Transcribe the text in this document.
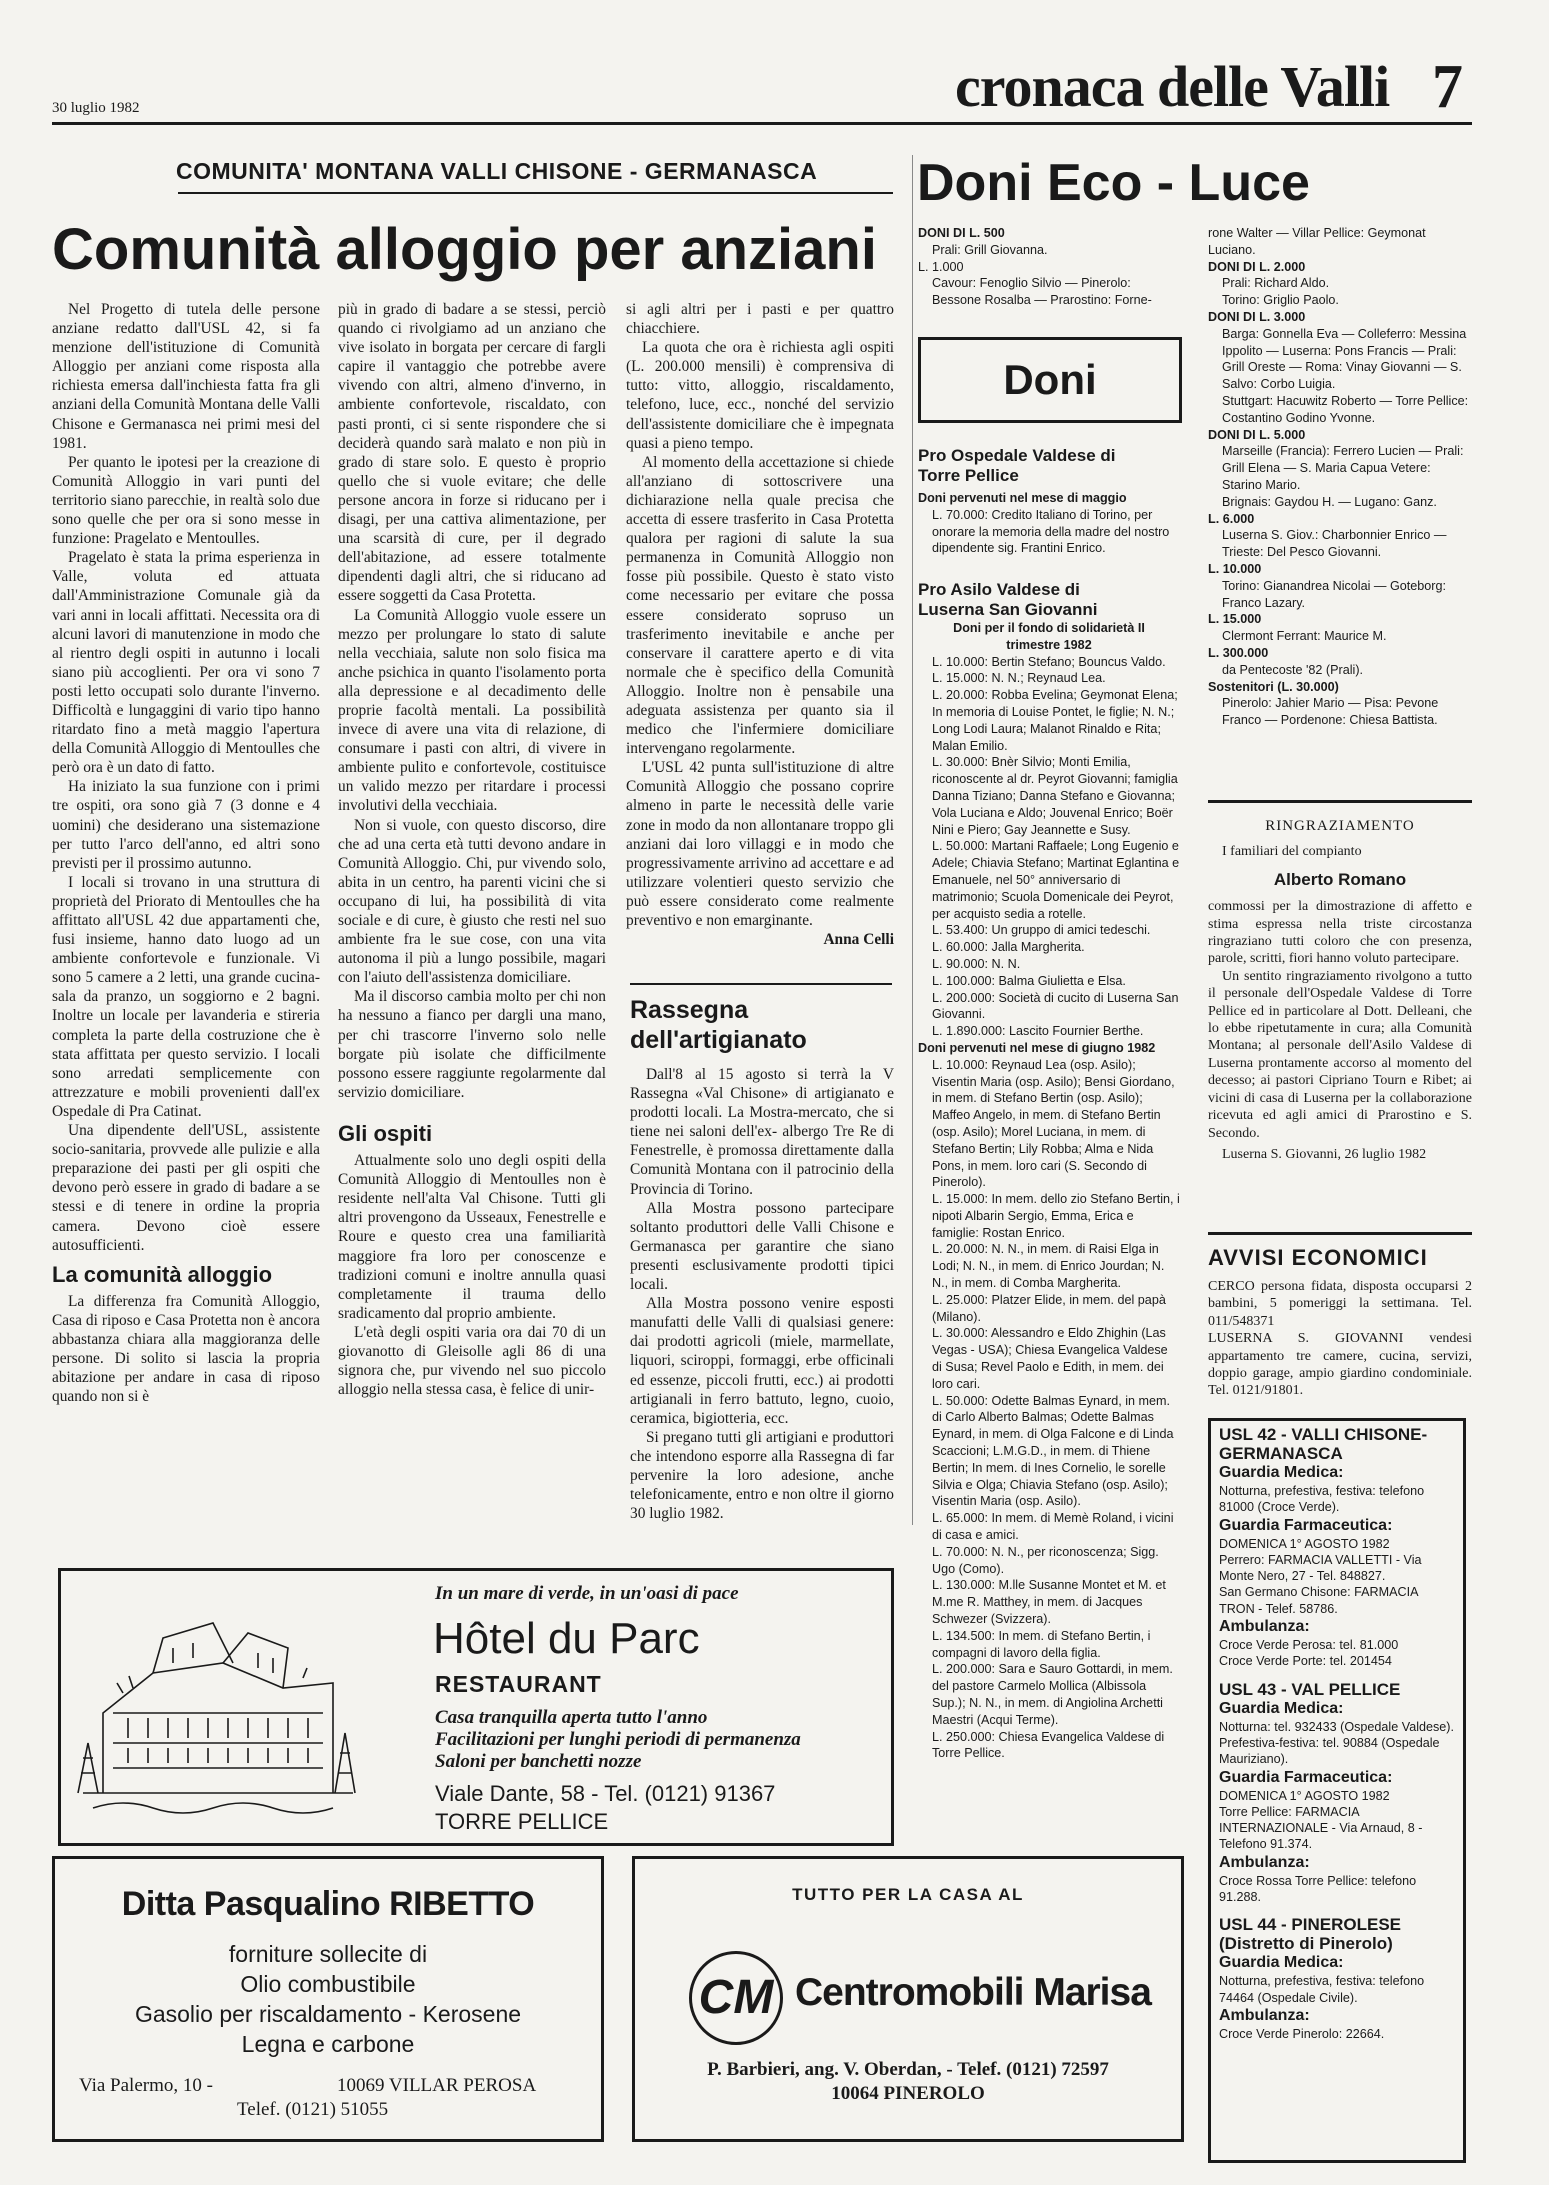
30 luglio 1982	cronaca delle Valli 7
COMUNITA' MONTANA VALLI CHISONE - GERMANASCA
Comunità alloggio per anziani

Nel Progetto di tutela delle persone anziane redatto dall'USL 42, si fa menzione dell'istituzione di Comunità Alloggio per anziani come risposta alla richiesta emersa dall'inchiesta fatta fra gli anziani della Comunità Montana delle Valli Chisone e Germanasca nei primi mesi del 1981.

Per quanto le ipotesi per la creazione di Comunità Alloggio in vari punti del territorio siano parecchie, in realtà solo due sono quelle che per ora si sono messe in funzione: Pragelato e Mentoulles.

Pragelato è stata la prima esperienza in Valle, voluta ed attuata dall'Amministrazione Comunale già da vari anni in locali affittati. Necessita ora di alcuni lavori di manutenzione in modo che al rientro degli ospiti in autunno i locali siano più accoglienti. Per ora vi sono 7 posti letto occupati solo durante l'inverno. Difficoltà e lungaggini di vario tipo hanno ritardato fino a metà maggio l'apertura della Comunità Alloggio di Mentoulles che però ora è un dato di fatto.

Ha iniziato la sua funzione con i primi tre ospiti, ora sono già 7 (3 donne e 4 uomini) che desiderano una sistemazione per tutto l'arco dell'anno, ed altri sono previsti per il prossimo autunno.

I locali si trovano in una struttura di proprietà del Priorato di Mentoulles che ha affittato all'USL 42 due appartamenti che, fusi insieme, hanno dato luogo ad un ambiente confortevole e funzionale. Vi sono 5 camere a 2 letti, una grande cucina-sala da pranzo, un soggiorno e 2 bagni. Inoltre un locale per lavanderia e stireria completa la parte della costruzione che è stata affittata per questo servizio. I locali sono arredati semplicemente con attrezzature e mobili provenienti dall'ex Ospedale di Pra Catinat.

Una dipendente dell'USL, assistente socio-sanitaria, provvede alle pulizie e alla preparazione dei pasti per gli ospiti che devono però essere in grado di badare a se stessi e di tenere in ordine la propria camera. Devono cioè essere autosufficienti.

La comunità alloggio

La differenza fra Comunità Alloggio, Casa di riposo e Casa Protetta non è ancora abbastanza chiara alla maggioranza delle persone. Di solito si lascia la propria abitazione per andare in casa di riposo quando non si è

più in grado di badare a se stessi, perciò quando ci rivolgiamo ad un anziano che vive isolato in borgata per cercare di fargli capire il vantaggio che potrebbe avere vivendo con altri, almeno d'inverno, in ambiente confortevole, riscaldato, con pasti pronti, ci si sente rispondere che si deciderà quando sarà malato e non più in grado di stare solo. E questo è proprio quello che si vuole evitare; che delle persone ancora in forze si riducano per i disagi, per una cattiva alimentazione, per una scarsità di cure, per il degrado dell'abitazione, ad essere totalmente dipendenti dagli altri, che si riducano ad essere soggetti da Casa Protetta.

La Comunità Alloggio vuole essere un mezzo per prolungare lo stato di salute nella vecchiaia, salute non solo fisica ma anche psichica in quanto l'isolamento porta alla depressione e al decadimento delle proprie facoltà mentali. La possibilità invece di avere una vita di relazione, di consumare i pasti con altri, di vivere in ambiente pulito e confortevole, costituisce un valido mezzo per ritardare i processi involutivi della vecchiaia.

Non si vuole, con questo discorso, dire che ad una certa età tutti devono andare in Comunità Alloggio. Chi, pur vivendo solo, abita in un centro, ha parenti vicini che si occupano di lui, ha possibilità di vita sociale e di cure, è giusto che resti nel suo ambiente fra le sue cose, con una vita autonoma il più a lungo possibile, magari con l'aiuto dell'assistenza domiciliare.

Ma il discorso cambia molto per chi non ha nessuno a fianco per dargli una mano, per chi trascorre l'inverno solo nelle borgate più isolate che difficilmente possono essere raggiunte regolarmente dal servizio domiciliare.

Gli ospiti

Attualmente solo uno degli ospiti della Comunità Alloggio di Mentoulles non è residente nell'alta Val Chisone. Tutti gli altri provengono da Usseaux, Fenestrelle e Roure e questo crea una familiarità maggiore fra loro per conoscenze e tradizioni comuni e inoltre annulla quasi completamente il trauma dello sradicamento dal proprio ambiente.

L'età degli ospiti varia ora dai 70 di un giovanotto di Gleisolle agli 86 di una signora che, pur vivendo nel suo piccolo alloggio nella stessa casa, è felice di unir-

si agli altri per i pasti e per quattro chiacchiere.

La quota che ora è richiesta agli ospiti (L. 200.000 mensili) è comprensiva di tutto: vitto, alloggio, riscaldamento, telefono, luce, ecc., nonché del servizio dell'assistente domiciliare che è impegnata quasi a pieno tempo.

Al momento della accettazione si chiede all'anziano di sottoscrivere una dichiarazione nella quale precisa che accetta di essere trasferito in Casa Protetta qualora per ragioni di salute la sua permanenza in Comunità Alloggio non fosse più possibile. Questo è stato visto come necessario per evitare che possa essere considerato sopruso un trasferimento inevitabile e anche per conservare il carattere aperto e di vita normale che è specifico della Comunità Alloggio. Inoltre non è pensabile una adeguata assistenza per quanto sia il medico che l'infermiere domiciliare intervengano regolarmente.

L'USL 42 punta sull'istituzione di altre Comunità Alloggio che possano coprire almeno in parte le necessità delle varie zone in modo da non allontanare troppo gli anziani dai loro villaggi e in modo che progressivamente arrivino ad accettare e ad utilizzare volentieri questo servizio che può essere considerato come realmente preventivo e non emarginante.

Anna Celli
Rassegna dell'artigianato

Dall'8 al 15 agosto si terrà la V Rassegna «Val Chisone» di artigianato e prodotti locali. La Mostra-mercato, che si tiene nei saloni dell'ex- albergo Tre Re di Fenestrelle, è promossa direttamente dalla Comunità Montana con il patrocinio della Provincia di Torino.

Alla Mostra possono partecipare soltanto produttori delle Valli Chisone e Germanasca per garantire che siano presenti esclusivamente prodotti tipici locali.

Alla Mostra possono venire esposti manufatti delle Valli di qualsiasi genere: dai prodotti agricoli (miele, marmellate, liquori, sciroppi, formaggi, erbe officinali ed essenze, piccoli frutti, ecc.) ai prodotti artigianali in ferro battuto, legno, cuoio, ceramica, bigiotteria, ecc.

Si pregano tutti gli artigiani e produttori che intendono esporre alla Rassegna di far pervenire la loro adesione, anche telefonicamente, entro e non oltre il giorno 30 luglio 1982.

Doni Eco - Luce
DONI DI L. 500
Prali: Grill Giovanna.
L. 1.000
Cavour: Fenoglio Silvio — Pinerolo: Bessone Rosalba — Prarostino: Forne-
Doni
Pro Ospedale Valdese di Torre Pellice
Doni pervenuti nel mese di maggio
L. 70.000: Credito Italiano di Torino, per onorare la memoria della madre del nostro dipendente sig. Frantini Enrico.
Pro Asilo Valdese di Luserna San Giovanni
Doni per il fondo di solidarietà II trimestre 1982
L. 10.000: Bertin Stefano; Bouncus Valdo.
L. 15.000: N. N.; Reynaud Lea.
L. 20.000: Robba Evelina; Geymonat Elena; In memoria di Louise Pontet, le figlie; N. N.; Long Lodi Laura; Malanot Rinaldo e Rita; Malan Emilio.
L. 30.000: Bnèr Silvio; Monti Emilia, riconoscente al dr. Peyrot Giovanni; famiglia Danna Tiziano; Danna Stefano e Giovanna; Vola Luciana e Aldo; Jouvenal Enrico; Boër Nini e Piero; Gay Jeannette e Susy.
L. 50.000: Martani Raffaele; Long Eugenio e Adele; Chiavia Stefano; Martinat Eglantina e Emanuele, nel 50° anniversario di matrimonio; Scuola Domenicale dei Peyrot, per acquisto sedia a rotelle.
L. 53.400: Un gruppo di amici tedeschi.
L. 60.000: Jalla Margherita.
L. 90.000: N. N.
L. 100.000: Balma Giulietta e Elsa.
L. 200.000: Società di cucito di Luserna San Giovanni.
L. 1.890.000: Lascito Fournier Berthe.
Doni pervenuti nel mese di giugno 1982
L. 10.000: Reynaud Lea (osp. Asilo); Visentin Maria (osp. Asilo); Bensi Giordano, in mem. di Stefano Bertin (osp. Asilo); Maffeo Angelo, in mem. di Stefano Bertin (osp. Asilo); Morel Luciana, in mem. di Stefano Bertin; Lily Robba; Alma e Nida Pons, in mem. loro cari (S. Secondo di Pinerolo).
L. 15.000: In mem. dello zio Stefano Bertin, i nipoti Albarin Sergio, Emma, Erica e famiglie: Rostan Enrico.
L. 20.000: N. N., in mem. di Raisi Elga in Lodi; N. N., in mem. di Enrico Jourdan; N. N., in mem. di Comba Margherita.
L. 25.000: Platzer Elide, in mem. del papà (Milano).
L. 30.000: Alessandro e Eldo Zhighin (Las Vegas - USA); Chiesa Evangelica Valdese di Susa; Revel Paolo e Edith, in mem. dei loro cari.
L. 50.000: Odette Balmas Eynard, in mem. di Carlo Alberto Balmas; Odette Balmas Eynard, in mem. di Olga Falcone e di Linda Scaccioni; L.M.G.D., in mem. di Thiene Bertin; In mem. di Ines Cornelio, le sorelle Silvia e Olga; Chiavia Stefano (osp. Asilo); Visentin Maria (osp. Asilo).
L. 65.000: In mem. di Memè Roland, i vicini di casa e amici.
L. 70.000: N. N., per riconoscenza; Sigg. Ugo (Como).
L. 130.000: M.lle Susanne Montet et M. et M.me R. Matthey, in mem. di Jacques Schwezer (Svizzera).
L. 134.500: In mem. di Stefano Bertin, i compagni di lavoro della figlia.
L. 200.000: Sara e Sauro Gottardi, in mem. del pastore Carmelo Mollica (Albissola Sup.); N. N., in mem. di Angiolina Archetti Maestri (Acqui Terme).
L. 250.000: Chiesa Evangelica Valdese di Torre Pellice.
rone Walter — Villar Pellice: Geymonat Luciano.
DONI DI L. 2.000
Prali: Richard Aldo.
Torino: Griglio Paolo.
DONI DI L. 3.000
Barga: Gonnella Eva — Colleferro: Messina Ippolito — Luserna: Pons Francis — Prali: Grill Oreste — Roma: Vinay Giovanni — S. Salvo: Corbo Luigia.
Stuttgart: Hacuwitz Roberto — Torre Pellice: Costantino Godino Yvonne.
DONI DI L. 5.000
Marseille (Francia): Ferrero Lucien — Prali: Grill Elena — S. Maria Capua Vetere: Starino Mario.
Brignais: Gaydou H. — Lugano: Ganz.
L. 6.000
Luserna S. Giov.: Charbonnier Enrico — Trieste: Del Pesco Giovanni.
L. 10.000
Torino: Gianandrea Nicolai — Goteborg: Franco Lazary.
L. 15.000
Clermont Ferrant: Maurice M.
L. 300.000
da Pentecoste '82 (Prali).
Sostenitori (L. 30.000)
Pinerolo: Jahier Mario — Pisa: Pevone Franco — Pordenone: Chiesa Battista.
RINGRAZIAMENTO
I familiari del compianto
Alberto Romano
commossi per la dimostrazione di affetto e stima espressa nella triste circostanza ringraziano tutti coloro che con presenza, parole, scritti, fiori hanno voluto partecipare.
Un sentito ringraziamento rivolgono a tutto il personale dell'Ospedale Valdese di Torre Pellice ed in particolare al Dott. Delleani, che lo ebbe ripetutamente in cura; alla Comunità Montana; al personale dell'Asilo Valdese di Luserna prontamente accorso al momento del decesso; ai pastori Cipriano Tourn e Ribet; ai vicini di casa di Luserna per la collaborazione ricevuta ed agli amici di Prarostino e S. Secondo.
Luserna S. Giovanni, 26 luglio 1982
AVVISI ECONOMICI
CERCO persona fidata, disposta occuparsi 2 bambini, 5 pomeriggi la settimana. Tel. 011/548371
LUSERNA S. GIOVANNI vendesi appartamento tre camere, cucina, servizi, doppio garage, ampio giardino condominiale. Tel. 0121/91801.
USL 42 - VALLI CHISONE-GERMANASCA
Guardia Medica:
Notturna, prefestiva, festiva: telefono 81000 (Croce Verde).
Guardia Farmaceutica:
DOMENICA 1° AGOSTO 1982
Perrero: FARMACIA VALLETTI - Via Monte Nero, 27 - Tel. 848827.
San Germano Chisone: FARMACIA TRON - Telef. 58786.
Ambulanza:
Croce Verde Perosa: tel. 81.000
Croce Verde Porte: tel. 201454
USL 43 - VAL PELLICE
Guardia Medica:
Notturna: tel. 932433 (Ospedale Valdese).
Prefestiva-festiva: tel. 90884 (Ospedale Mauriziano).
Guardia Farmaceutica:
DOMENICA 1° AGOSTO 1982
Torre Pellice: FARMACIA INTERNAZIONALE - Via Arnaud, 8 - Telefono 91.374.
Ambulanza:
Croce Rossa Torre Pellice: telefono 91.288.
USL 44 - PINEROLESE (Distretto di Pinerolo)
Guardia Medica:
Notturna, prefestiva, festiva: telefono 74464 (Ospedale Civile).
Ambulanza:
Croce Verde Pinerolo: 22664.
In un mare di verde, in un'oasi di pace
Hôtel du Parc
RESTAURANT
Casa tranquilla aperta tutto l'anno
Facilitazioni per lunghi periodi di permanenza
Saloni per banchetti nozze
Viale Dante, 58 - Tel. (0121) 91367
TORRE PELLICE
Ditta Pasqualino RIBETTO
forniture sollecite di
Olio combustibile
Gasolio per riscaldamento - Kerosene
Legna e carbone
Via Palermo, 10 -	10069 VILLAR PEROSA
Telef. (0121) 51055
TUTTO PER LA CASA AL
CM Centromobili Marisa
P. Barbieri, ang. V. Oberdan, - Telef. (0121) 72597
10064 PINEROLO
